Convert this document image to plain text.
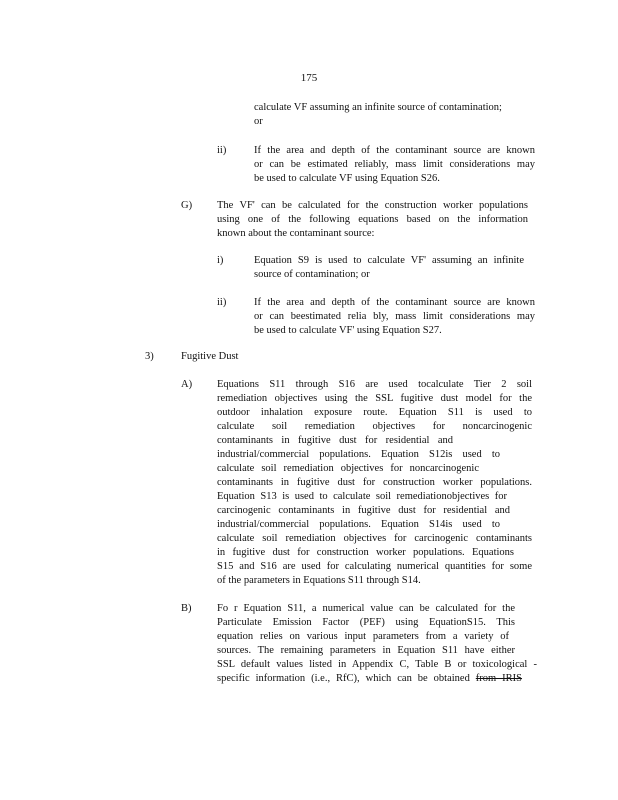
175
calculate VF assuming an infinite source of contamination;
or
ii)	If the area and depth of the contaminant source are known
or can be estimated reliably, mass limit considerations may
be used to calculate VF using Equation S26.
G) The VF' can be calculated for the construction worker populations
using one of the following equations based on the information
known about the contaminant source:
i)	Equation S9 is used to calculate VF' assuming an infinite
source of contamination; or
ii)	If the area and depth of the contaminant source are known
or can beestimated relia bly, mass limit considerations may
be used to calculate VF' using Equation S27.
3)	Fugitive Dust
A) Equations S11 through S16 are used tocalculate Tier 2 soil
remediation objectives using the SSL fugitive dust model for the
outdoor inhalation exposure route. Equation S11 is used to
calculate soil remediation objectives for noncarcinogenic
contaminants in fugitive dust for residential and
industrial/commercial populations. Equation S12is used to
calculate soil remediation objectives for noncarcinogenic
contaminants in fugitive dust for construction worker populations.
Equation S13 is used to calculate soil remediationobjectives for
carcinogenic contaminants in fugitive dust for residential and
industrial/commercial populations. Equation S14is used to
calculate soil remediation objectives for carcinogenic contaminants
in fugitive dust for construction worker populations. Equations
S15 and S16 are used for calculating numerical quantities for some
of the parameters in Equations S11 through S14.
B) Fo r Equation S11, a numerical value can be calculated for the
Particulate Emission Factor (PEF) using EquationS15. This
equation relies on various input parameters from a variety of
sources. The remaining parameters in Equation S11 have either
SSL default values listed in Appendix C, Table B or toxicological -
specific information (i.e., RfC), which can be obtained from IRIS
